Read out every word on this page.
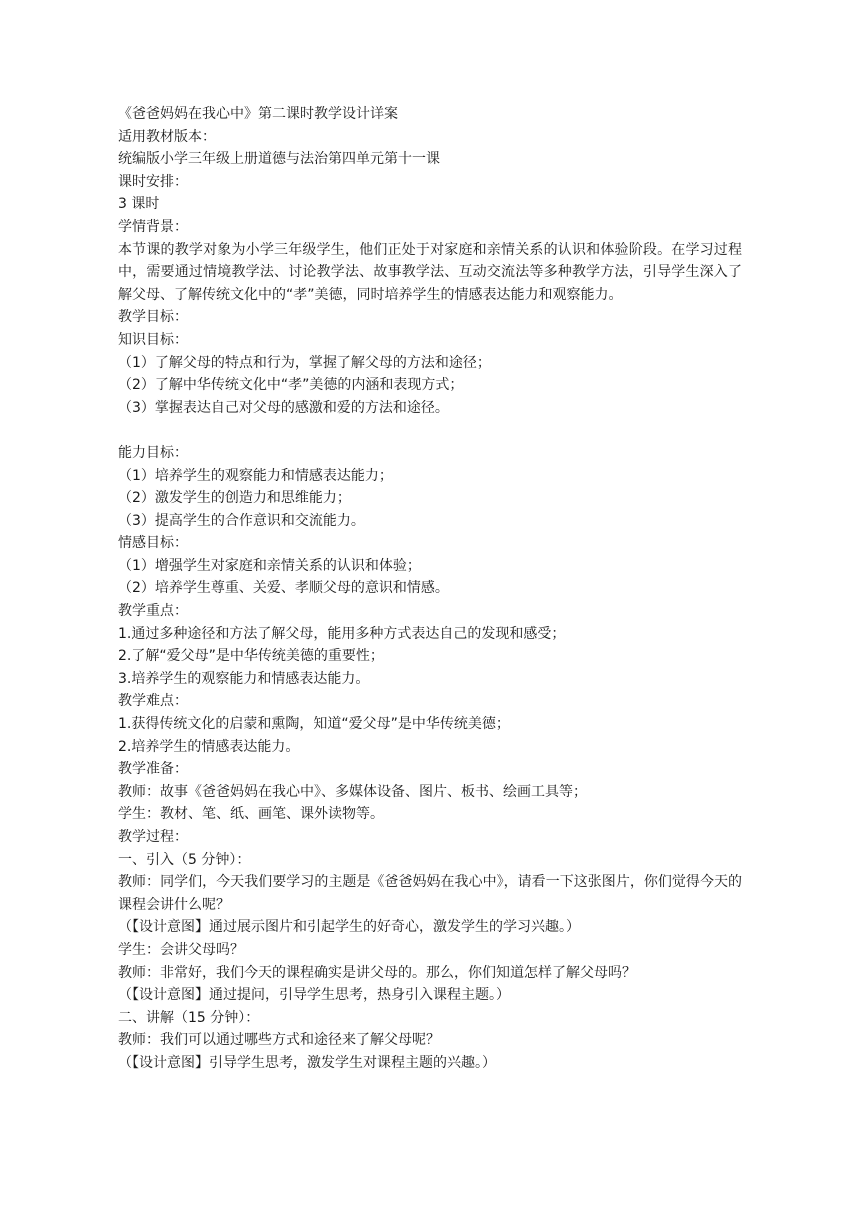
《爸爸妈妈在我心中》第二课时教学设计详案
适用教材版本：
统编版小学三年级上册道德与法治第四单元第十一课
课时安排：
3 课时
学情背景：
本节课的教学对象为小学三年级学生，他们正处于对家庭和亲情关系的认识和体验阶段。在学习过程中，需要通过情境教学法、讨论教学法、故事教学法、互动交流法等多种教学方法，引导学生深入了解父母、了解传统文化中的“孝”美德，同时培养学生的情感表达能力和观察能力。
教学目标：
知识目标：
（1）了解父母的特点和行为，掌握了解父母的方法和途径；
（2）了解中华传统文化中“孝”美德的内涵和表现方式；
（3）掌握表达自己对父母的感激和爱的方法和途径。
能力目标：
（1）培养学生的观察能力和情感表达能力；
（2）激发学生的创造力和思维能力；
（3）提高学生的合作意识和交流能力。
情感目标：
（1）增强学生对家庭和亲情关系的认识和体验；
（2）培养学生尊重、关爱、孝顺父母的意识和情感。
教学重点：
1.通过多种途径和方法了解父母，能用多种方式表达自己的发现和感受；
2.了解“爱父母”是中华传统美德的重要性；
3.培养学生的观察能力和情感表达能力。
教学难点：
1.获得传统文化的启蒙和熏陶，知道“爱父母”是中华传统美德；
2.培养学生的情感表达能力。
教学准备：
教师：故事《爸爸妈妈在我心中》、多媒体设备、图片、板书、绘画工具等；
学生：教材、笔、纸、画笔、课外读物等。
教学过程：
一、引入（5 分钟）：
教师：同学们，今天我们要学习的主题是《爸爸妈妈在我心中》，请看一下这张图片，你们觉得今天的课程会讲什么呢？
（【设计意图】通过展示图片和引起学生的好奇心，激发学生的学习兴趣。）
学生：会讲父母吗？
教师：非常好，我们今天的课程确实是讲父母的。那么，你们知道怎样了解父母吗？
（【设计意图】通过提问，引导学生思考，热身引入课程主题。）
二、讲解（15 分钟）：
教师：我们可以通过哪些方式和途径来了解父母呢？
（【设计意图】引导学生思考，激发学生对课程主题的兴趣。）
